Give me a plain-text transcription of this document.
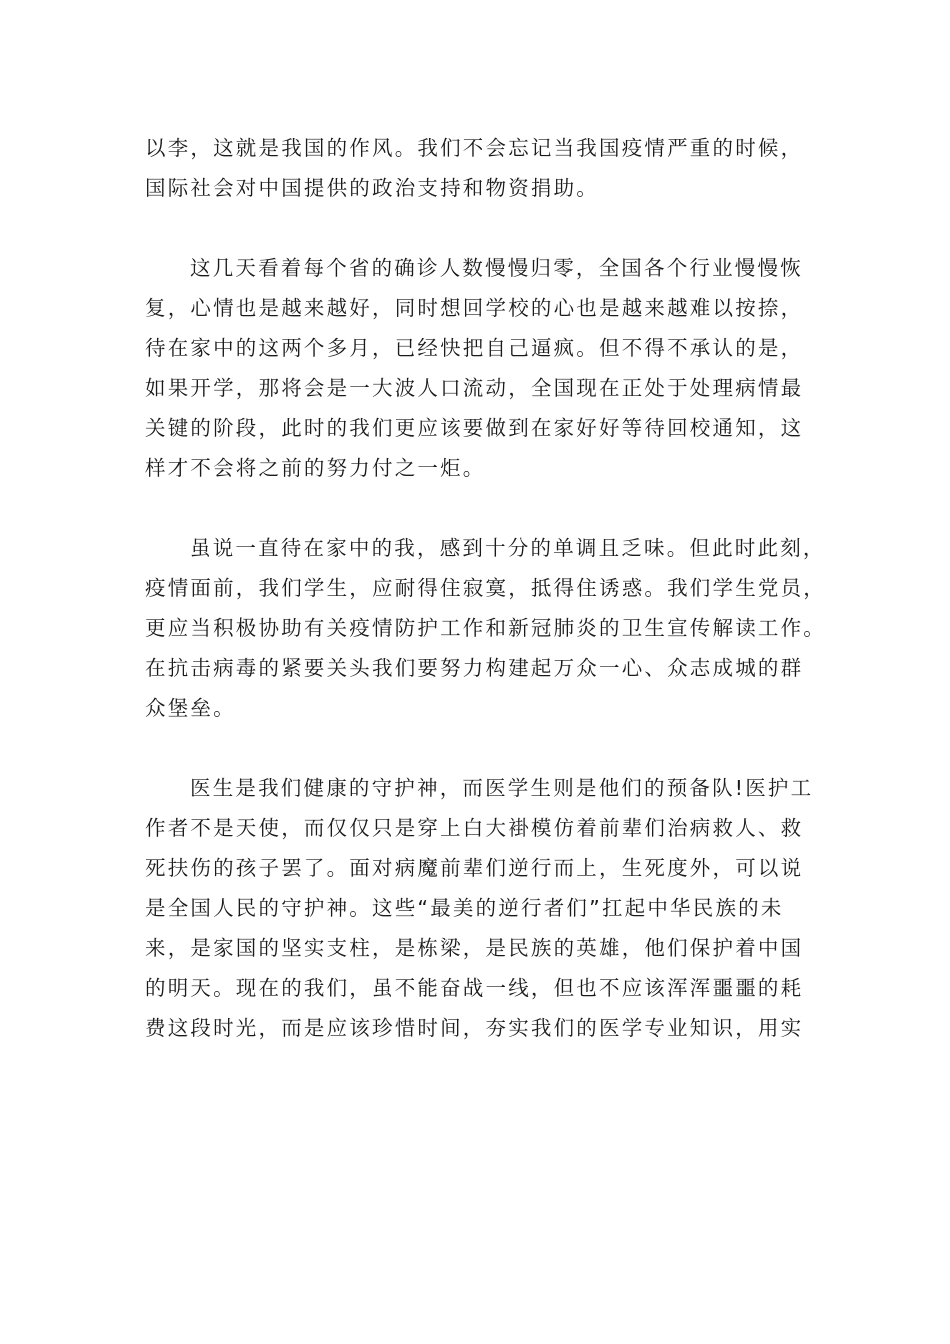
以李，这就是我国的作风。我们不会忘记当我国疫情严重的时候，
国际社会对中国提供的政治支持和物资捐助。
这几天看着每个省的确诊人数慢慢归零，全国各个行业慢慢恢
复，心情也是越来越好，同时想回学校的心也是越来越难以按捺，
待在家中的这两个多月，已经快把自己逼疯。但不得不承认的是，
如果开学，那将会是一大波人口流动，全国现在正处于处理病情最
关键的阶段，此时的我们更应该要做到在家好好等待回校通知，这
样才不会将之前的努力付之一炬。
虽说一直待在家中的我，感到十分的单调且乏味。但此时此刻，
疫情面前，我们学生，应耐得住寂寞，抵得住诱惑。我们学生党员，
更应当积极协助有关疫情防护工作和新冠肺炎的卫生宣传解读工作。
在抗击病毒的紧要关头我们要努力构建起万众一心、众志成城的群
众堡垒。
医生是我们健康的守护神，而医学生则是他们的预备队!医护工
作者不是天使，而仅仅只是穿上白大褂模仿着前辈们治病救人、救
死扶伤的孩子罢了。面对病魔前辈们逆行而上，生死度外，可以说
是全国人民的守护神。这些“最美的逆行者们”扛起中华民族的未
来，是家国的坚实支柱，是栋梁，是民族的英雄，他们保护着中国
的明天。现在的我们，虽不能奋战一线，但也不应该浑浑噩噩的耗
费这段时光，而是应该珍惜时间，夯实我们的医学专业知识，用实
